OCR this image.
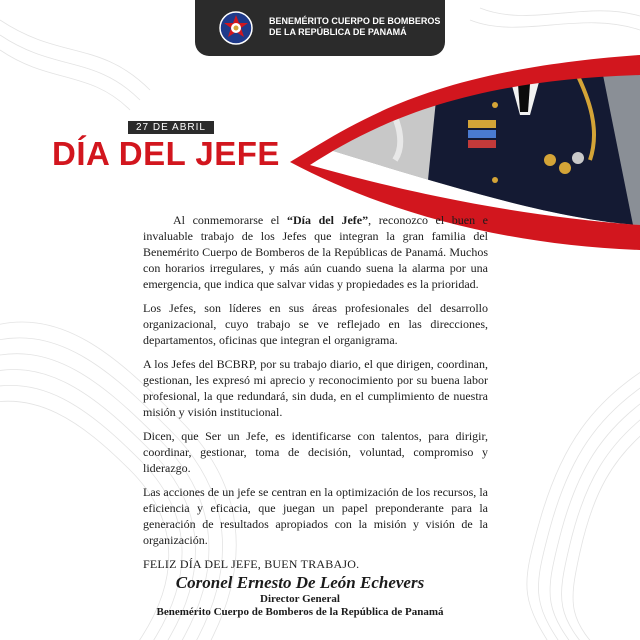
BENEMÉRITO CUERPO DE BOMBEROS
DE LA REPÚBLICA DE PANAMÁ
27 DE ABRIL
DÍA DEL JEFE

Al conmemorarse el “Día del Jefe”, reconozco el buen e invaluable trabajo de los Jefes que integran la gran familia del Benemérito Cuerpo de Bomberos de la Repúblicas de Panamá. Muchos con horarios irregulares, y más aún cuando suena la alarma por una emergencia, que indica que salvar vidas y propiedades es la prioridad.

Los Jefes, son líderes en sus áreas profesionales del desarrollo organizacional, cuyo trabajo se ve reflejado en las direcciones, departamentos, oficinas que integran el organigrama.

A los Jefes del BCBRP, por su trabajo diario, el que dirigen, coordinan, gestionan, les expresó mi aprecio y reconocimiento por su buena labor profesional, la que redundará, sin duda, en el cumplimiento de nuestra misión y visión institucional.

Dicen, que Ser un Jefe, es identificarse con talentos, para dirigir, coordinar, gestionar, toma de decisión, voluntad, compromiso y liderazgo.

Las acciones de un jefe se centran en la optimización de los recursos, la eficiencia y eficacia, que juegan un papel preponderante para la generación de resultados apropiados con la misión y visión de la organización.

FELIZ DÍA DEL JEFE, BUEN TRABAJO.

Coronel Ernesto De León Echevers
Director General
Benemérito Cuerpo de Bomberos de la República de Panamá
